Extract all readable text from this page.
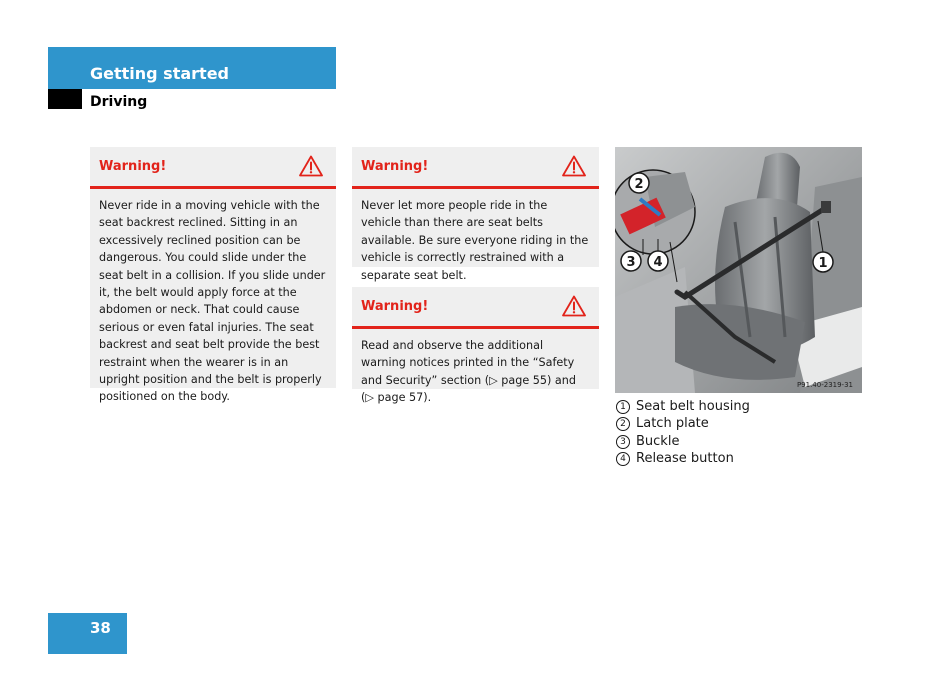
Getting started
Driving
Warning!
Never ride in a moving vehicle with the seat backrest reclined. Sitting in an excessively reclined position can be dangerous. You could slide under the seat belt in a collision. If you slide under it, the belt would apply force at the abdomen or neck. That could cause serious or even fatal injuries. The seat backrest and seat belt provide the best restraint when the wearer is in an upright position and the belt is properly positioned on the body.
Warning!
Never let more people ride in the vehicle than there are seat belts available. Be sure everyone riding in the vehicle is correctly restrained with a separate seat belt.
Warning!
Read and observe the additional warning notices printed in the “Safety and Security” section (▷ page 55) and (▷ page 57).
2
3 4	1
P91.40-2319-31
1 Seat belt housing
2 Latch plate
3 Buckle
4 Release button
38
